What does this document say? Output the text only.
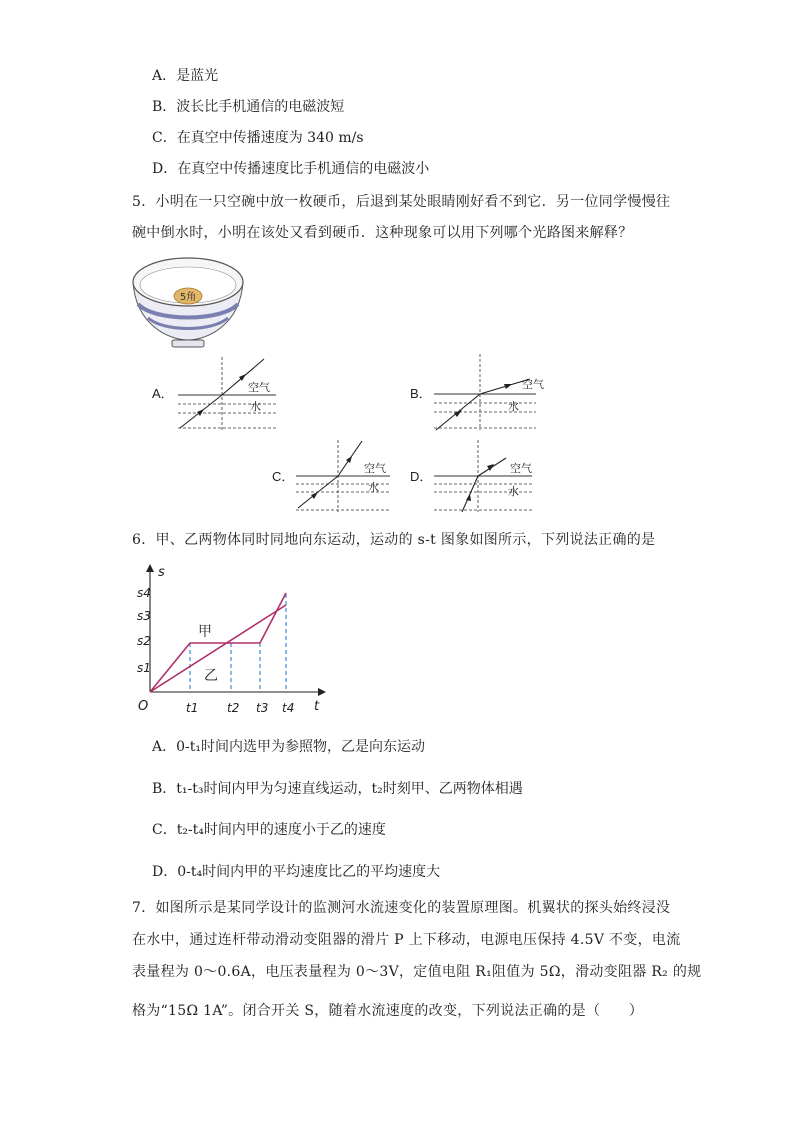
A．是蓝光
B．波长比手机通信的电磁波短
C．在真空中传播速度为 340 m/s
D．在真空中传播速度比手机通信的电磁波小
5．小明在一只空碗中放一枚硬币，后退到某处眼睛刚好看不到它．另一位同学慢慢往
碗中倒水时，小明在该处又看到硬币．这种现象可以用下列哪个光路图来解释？
5角
A．	空气
水
B．
空气
水
C．
空气
水
D．
空气
水
6．甲、乙两物体同时同地向东运动，运动的 s-t 图象如图所示，下列说法正确的是
s
t
O
s1
s2
s3
s4
甲
乙
t1 t2 t3 t4
A．0-t₁时间内选甲为参照物，乙是向东运动
B．t₁-t₃时间内甲为匀速直线运动，t₂时刻甲、乙两物体相遇
C．t₂-t₄时间内甲的速度小于乙的速度
D．0-t₄时间内甲的平均速度比乙的平均速度大
7．如图所示是某同学设计的监测河水流速变化的装置原理图。机翼状的探头始终浸没
在水中，通过连杆带动滑动变阻器的滑片 P 上下移动，电源电压保持 4.5V 不变，电流
表量程为 0～0.6A，电压表量程为 0～3V，定值电阻 R₁阻值为 5Ω，滑动变阻器 R₂ 的规
格为“15Ω 1A”。闭合开关 S，随着水流速度的改变，下列说法正确的是（　　）
